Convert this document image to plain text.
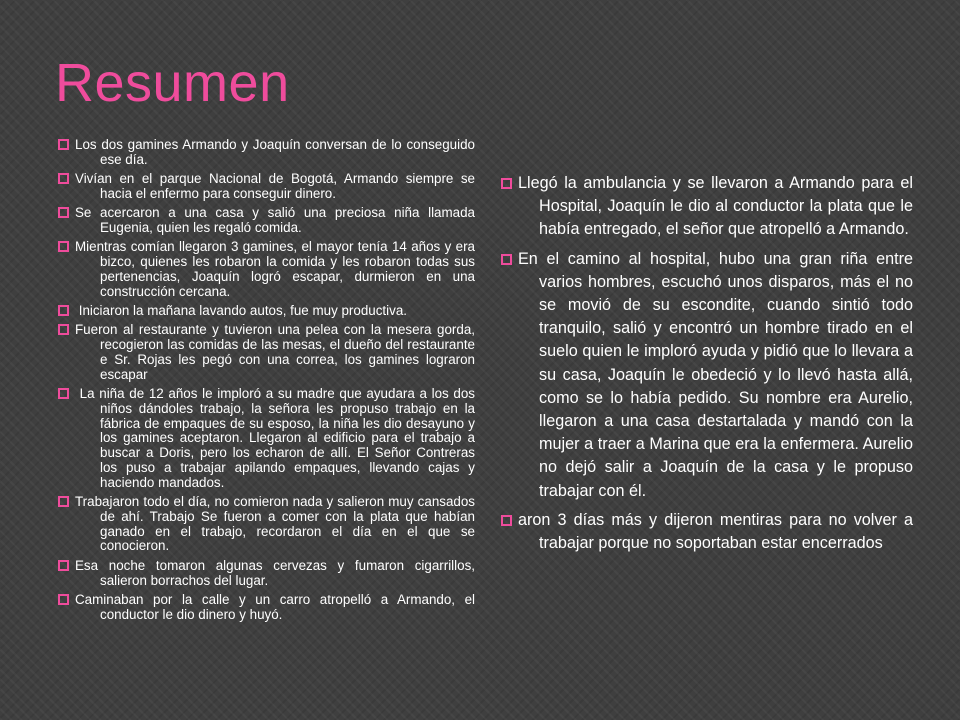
Resumen

Los dos gamines Armando y Joaquín conversan de lo conseguido ese día.

Vivían en el parque Nacional de Bogotá, Armando siempre se hacia el enfermo para conseguir dinero.

Se acercaron a una casa y salió una preciosa niña llamada Eugenia, quien les regaló comida.

Mientras comían llegaron 3 gamines, el mayor tenía 14 años y era bizco, quienes les robaron la comida y les robaron todas sus pertenencias, Joaquín logró escapar, durmieron en una construcción cercana.

Iniciaron la mañana lavando autos, fue muy productiva.

Fueron al restaurante y tuvieron una pelea con la mesera gorda, recogieron las comidas de las mesas, el dueño del restaurante e Sr. Rojas les pegó con una correa, los gamines lograron escapar

La niña de 12 años le imploró a su madre que ayudara a los dos niños dándoles trabajo, la señora les propuso trabajo en la fábrica de empaques de su esposo, la niña les dio desayuno y los gamines aceptaron. Llegaron al edificio para el trabajo a buscar a Doris, pero los echaron de allí. El Señor Contreras los puso a trabajar apilando empaques, llevando cajas y haciendo mandados.

Trabajaron todo el día, no comieron nada y salieron muy cansados de ahí. Trabajo Se fueron a comer con la plata que habían ganado en el trabajo, recordaron el día en el que se conocieron.

Esa noche tomaron algunas cervezas y fumaron cigarrillos, salieron borrachos del lugar.

Caminaban por la calle y un carro atropelló a Armando, el conductor le dio dinero y huyó.

Llegó la ambulancia y se llevaron a Armando para el Hospital, Joaquín le dio al conductor la plata que le había entregado, el señor que atropelló a Armando.

En el camino al hospital, hubo una gran riña entre varios hombres, escuchó unos disparos, más el no se movió de su escondite, cuando sintió todo tranquilo, salió y encontró un hombre tirado en el suelo quien le imploró ayuda y pidió que lo llevara a su casa, Joaquín le obedeció y lo llevó hasta allá, como se lo había pedido. Su nombre era Aurelio, llegaron a una casa destartalada y mandó con la mujer a traer a Marina que era la enfermera. Aurelio no dejó salir a Joaquín de la casa y le propuso trabajar con él.

aron 3 días más y dijeron mentiras para no volver a trabajar porque no soportaban estar encerrados
